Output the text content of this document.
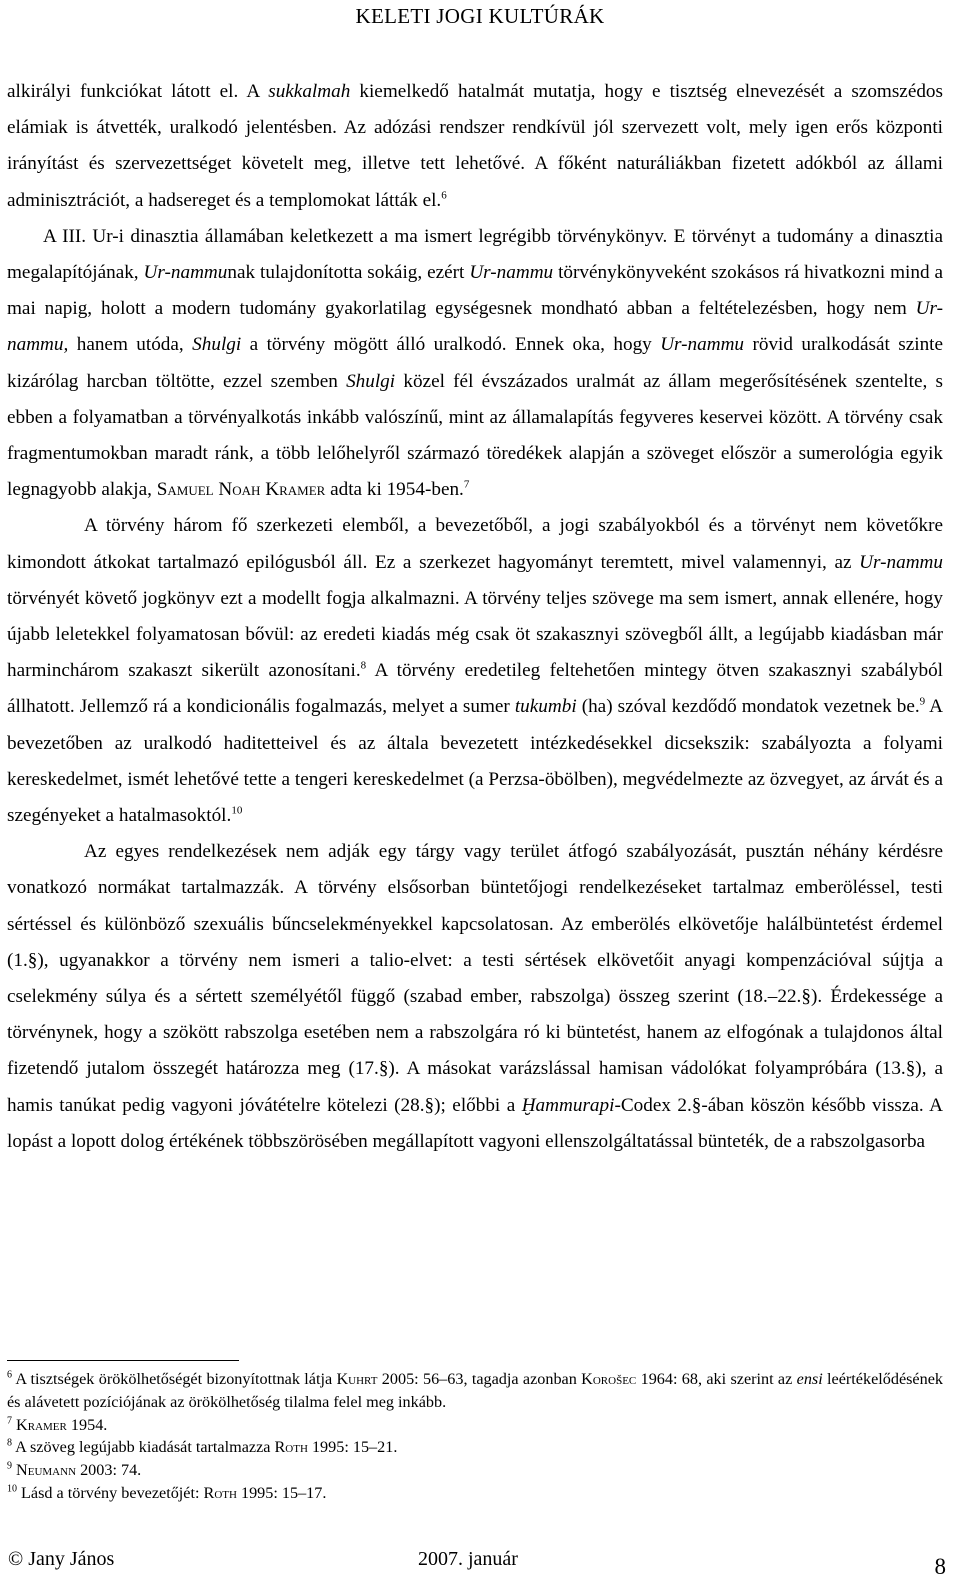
KELETI JOGI KULTÚRÁK

alkirályi funkciókat látott el. A sukkalmah kiemelkedő hatalmát mutatja, hogy e tisztség elnevezését a szomszédos elámiak is átvették, uralkodó jelentésben. Az adózási rendszer rendkívül jól szervezett volt, mely igen erős központi irányítást és szervezettséget követelt meg, illetve tett lehetővé. A főként naturáliákban fizetett adókból az állami adminisztrációt, a hadsereget és a templomokat látták el.$^6$

A III. Ur-i dinasztia államában keletkezett a ma ismert legrégibb törvénykönyv. E törvényt a tudomány a dinasztia megalapítójának, Ur-nammunak tulajdonította sokáig, ezért Ur-nammu törvénykönyveként szokásos rá hivatkozni mind a mai napig, holott a modern tudomány gyakorlatilag egységesnek mondható abban a feltételezésben, hogy nem Ur-nammu, hanem utóda, Shulgi a törvény mögött álló uralkodó. Ennek oka, hogy Ur-nammu rövid uralkodását szinte kizárólag harcban töltötte, ezzel szemben Shulgi közel fél évszázados uralmát az állam megerősítésének szentelte, s ebben a folyamatban a törvényalkotás inkább valószínű, mint az államalapítás fegyveres keservei között. A törvény csak fragmentumokban maradt ránk, a több lelőhelyről származó töredékek alapján a szöveget először a sumerológia egyik legnagyobb alakja, Samuel Noah Kramer adta ki 1954-ben.$^7$

A törvény három fő szerkezeti elemből, a bevezetőből, a jogi szabályokból és a törvényt nem követőkre kimondott átkokat tartalmazó epilógusból áll. Ez a szerkezet hagyományt teremtett, mivel valamennyi, az Ur-nammu törvényét követő jogkönyv ezt a modellt fogja alkalmazni. A törvény teljes szövege ma sem ismert, annak ellenére, hogy újabb leletekkel folyamatosan bővül: az eredeti kiadás még csak öt szakasznyi szövegből állt, a legújabb kiadásban már harminchárom szakaszt sikerült azonosítani.$^8$ A törvény eredetileg feltehetően mintegy ötven szakasznyi szabályból állhatott. Jellemző rá a kondicionális fogalmazás, melyet a sumer tukumbi (ha) szóval kezdődő mondatok vezetnek be.$^9$ A bevezetőben az uralkodó haditetteivel és az általa bevezetett intézkedésekkel dicsekszik: szabályozta a folyami kereskedelmet, ismét lehetővé tette a tengeri kereskedelmet (a Perzsa-öbölben), megvédelmezte az özvegyet, az árvát és a szegényeket a hatalmasoktól.$^{10}$

Az egyes rendelkezések nem adják egy tárgy vagy terület átfogó szabályozását, pusztán néhány kérdésre vonatkozó normákat tartalmazzák. A törvény elsősorban büntetőjogi rendelkezéseket tartalmaz emberöléssel, testi sértéssel és különböző szexuális bűncselekményekkel kapcsolatosan. Az emberölés elkövetője halálbüntetést érdemel (1.§), ugyanakkor a törvény nem ismeri a talio-elvet: a testi sértések elkövetőit anyagi kompenzációval sújtja a cselekmény súlya és a sértett személyétől függő (szabad ember, rabszolga) összeg szerint (18.–22.§). Érdekessége a törvénynek, hogy a szökött rabszolga esetében nem a rabszolgára ró ki büntetést, hanem az elfogónak a tulajdonos által fizetendő jutalom összegét határozza meg (17.§). A másokat varázslással hamisan vádolókat folyampróbára (13.§), a hamis tanúkat pedig vagyoni jóvátételre kötelezi (28.§); előbbi a Ḫammurapi-Codex 2.§-ában köszön később vissza. A lopást a lopott dolog értékének többszörösében megállapított vagyoni ellenszolgáltatással bünteték, de a rabszolgasorba

$^6$ A tisztségek örökölhetőségét bizonyítottnak látja Kuhrt 2005: 56–63, tagadja azonban Korošec 1964: 68, aki szerint az ensi leértékelődésének és alávetett pozíciójának az örökölhetőség tilalma felel meg inkább.

$^7$ Kramer 1954.

$^8$ A szöveg legújabb kiadását tartalmazza Roth 1995: 15–21.

$^9$ Neumann 2003: 74.

$^{10}$ Lásd a törvény bevezetőjét: Roth 1995: 15–17.

© Jany János	2007. január	8
